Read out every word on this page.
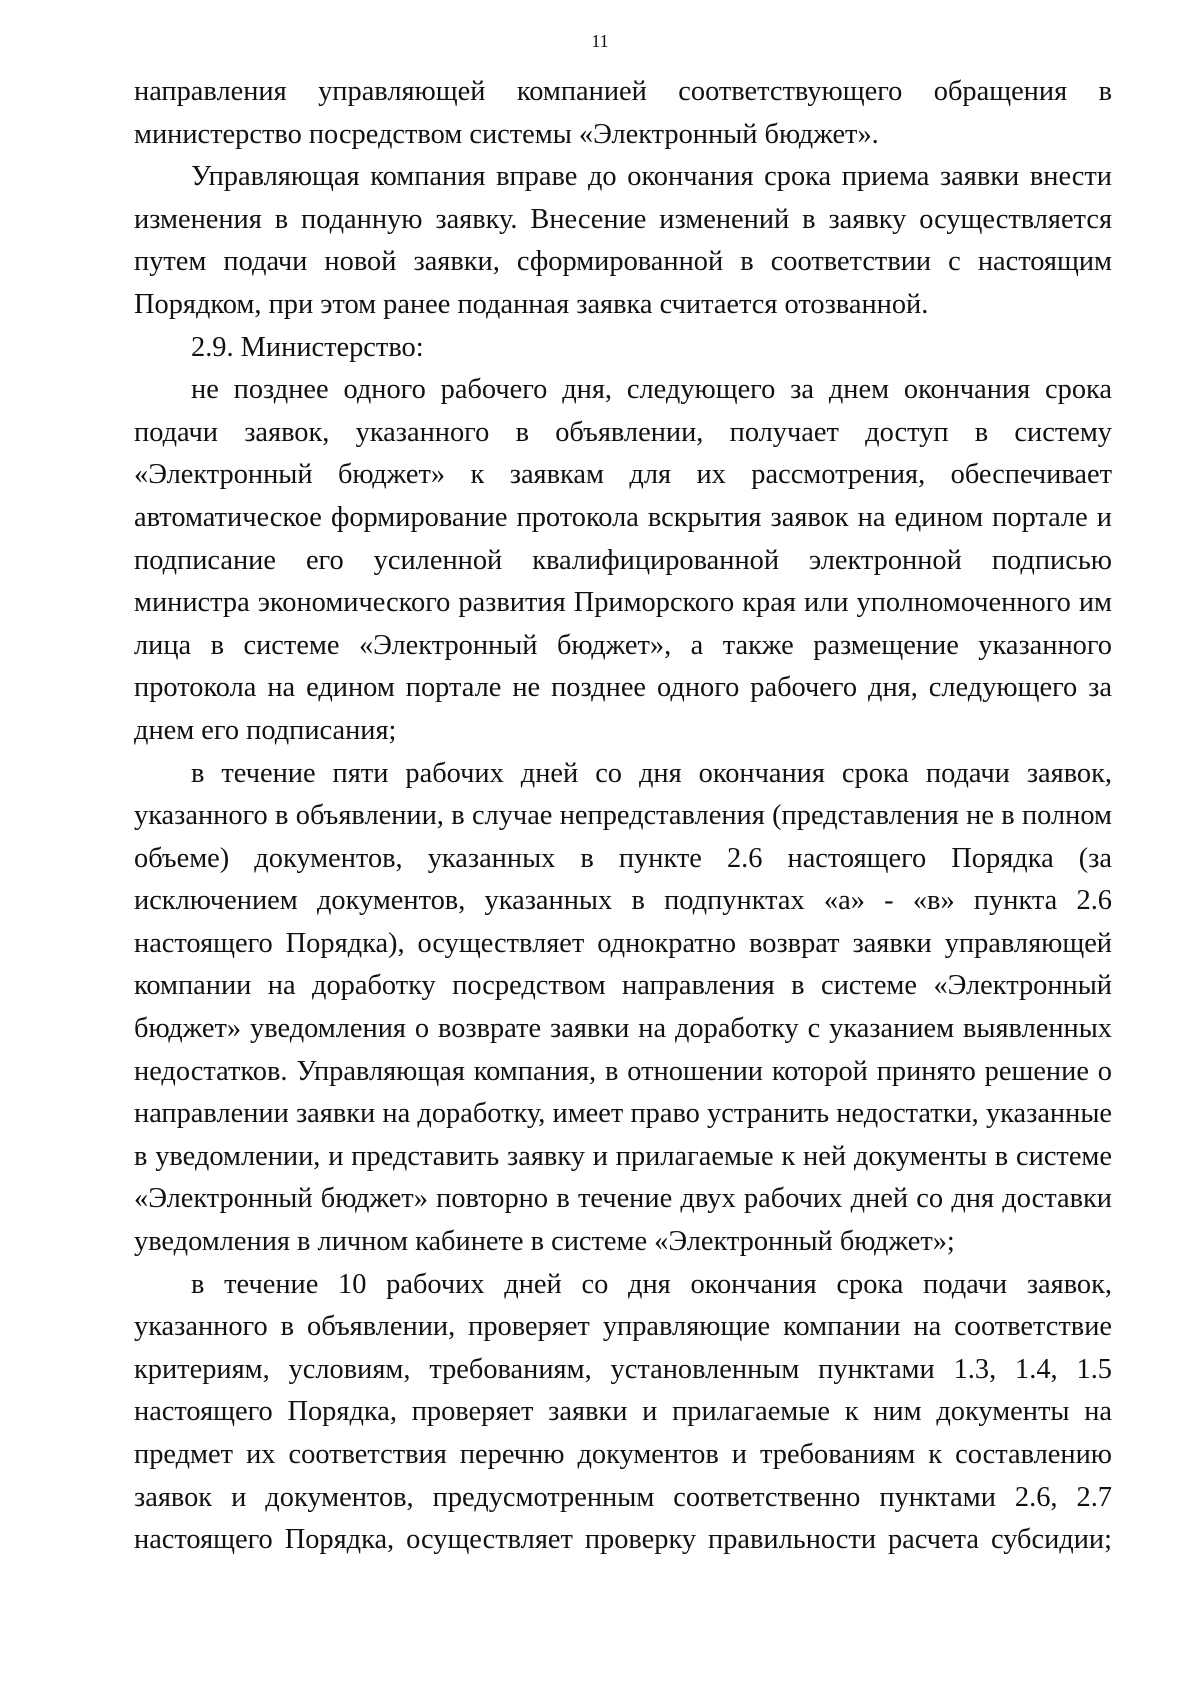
11

направления управляющей компанией соответствующего обращения в министерство посредством системы «Электронный бюджет».

Управляющая компания вправе до окончания срока приема заявки внести изменения в поданную заявку. Внесение изменений в заявку осуществляется путем подачи новой заявки, сформированной в соответствии с настоящим Порядком, при этом ранее поданная заявка считается отозванной.

2.9. Министерство:

не позднее одного рабочего дня, следующего за днем окончания срока подачи заявок, указанного в объявлении, получает доступ в систему «Электронный бюджет» к заявкам для их рассмотрения, обеспечивает автоматическое формирование протокола вскрытия заявок на едином портале и подписание его усиленной квалифицированной электронной подписью министра экономического развития Приморского края или уполномоченного им лица в системе «Электронный бюджет», а также размещение указанного протокола на едином портале не позднее одного рабочего дня, следующего за днем его подписания;

в течение пяти рабочих дней со дня окончания срока подачи заявок, указанного в объявлении, в случае непредставления (представления не в полном объеме) документов, указанных в пункте 2.6 настоящего Порядка (за исключением документов, указанных в подпунктах «а» - «в» пункта 2.6 настоящего Порядка), осуществляет однократно возврат заявки управляющей компании на доработку посредством направления в системе «Электронный бюджет» уведомления о возврате заявки на доработку с указанием выявленных недостатков. Управляющая компания, в отношении которой принято решение о направлении заявки на доработку, имеет право устранить недостатки, указанные в уведомлении, и представить заявку и прилагаемые к ней документы в системе «Электронный бюджет» повторно в течение двух рабочих дней со дня доставки уведомления в личном кабинете в системе «Электронный бюджет»;

в течение 10 рабочих дней со дня окончания срока подачи заявок, указанного в объявлении, проверяет управляющие компании на соответствие критериям, условиям, требованиям, установленным пунктами 1.3, 1.4, 1.5 настоящего Порядка, проверяет заявки и прилагаемые к ним документы на предмет их соответствия перечню документов и требованиям к составлению заявок и документов, предусмотренным соответственно пунктами 2.6, 2.7 настоящего Порядка, осуществляет проверку правильности расчета субсидии;
